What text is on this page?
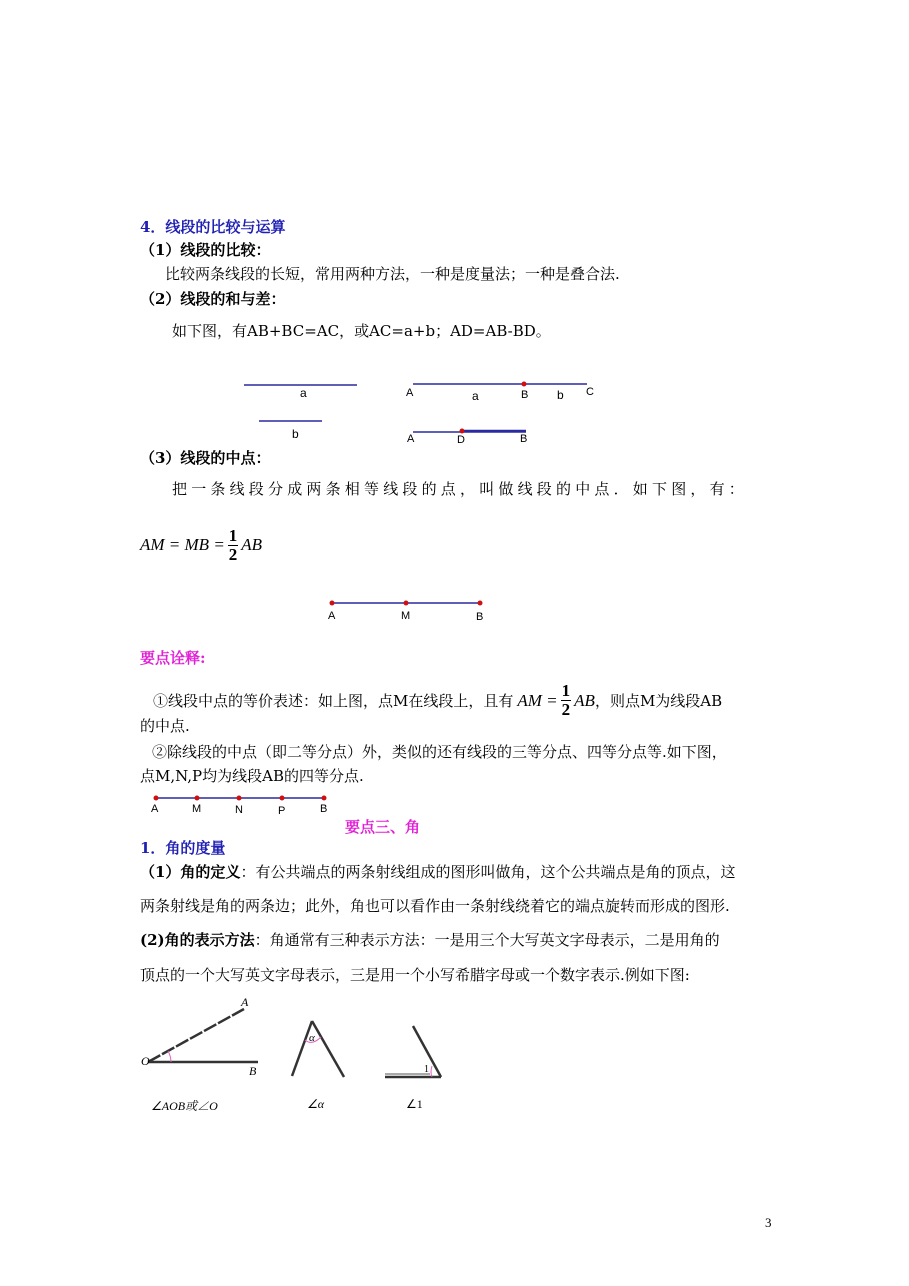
4．线段的比较与运算
（1）线段的比较：
比较两条线段的长短，常用两种方法，一种是度量法；一种是叠合法.
（2）线段的和与差：
如下图，有AB+BC=AC，或AC=a+b；AD=AB-BD。
a
b
A	a	B b C
A	D	B
（3）线段的中点：
把一条线段分成两条相等线段的点，叫做线段的中点．如下图，有：
AM = MB = $\frac{1}{2}$ AB
A	M	B
要点诠释:
①线段中点的等价表述：如上图，点M在线段上，且有 AM = $\frac{1}{2}$ AB ，则点M为线段AB
的中点.
②除线段的中点（即二等分点）外，类似的还有线段的三等分点、四等分点等.如下图，
点M,N,P均为线段AB的四等分点.
A	M	N	P	B
要点三、角
1．角的度量
（1）角的定义：有公共端点的两条射线组成的图形叫做角，这个公共端点是角的顶点，这
两条射线是角的两条边；此外，角也可以看作由一条射线绕着它的端点旋转而形成的图形.
(2)角的表示方法：角通常有三种表示方法：一是用三个大写英文字母表示，二是用角的
顶点的一个大写英文字母表示，三是用一个小写希腊字母或一个数字表示.例如下图:
A
O
B
α
1
∠AOB或∠O	∠α	∠1
3
